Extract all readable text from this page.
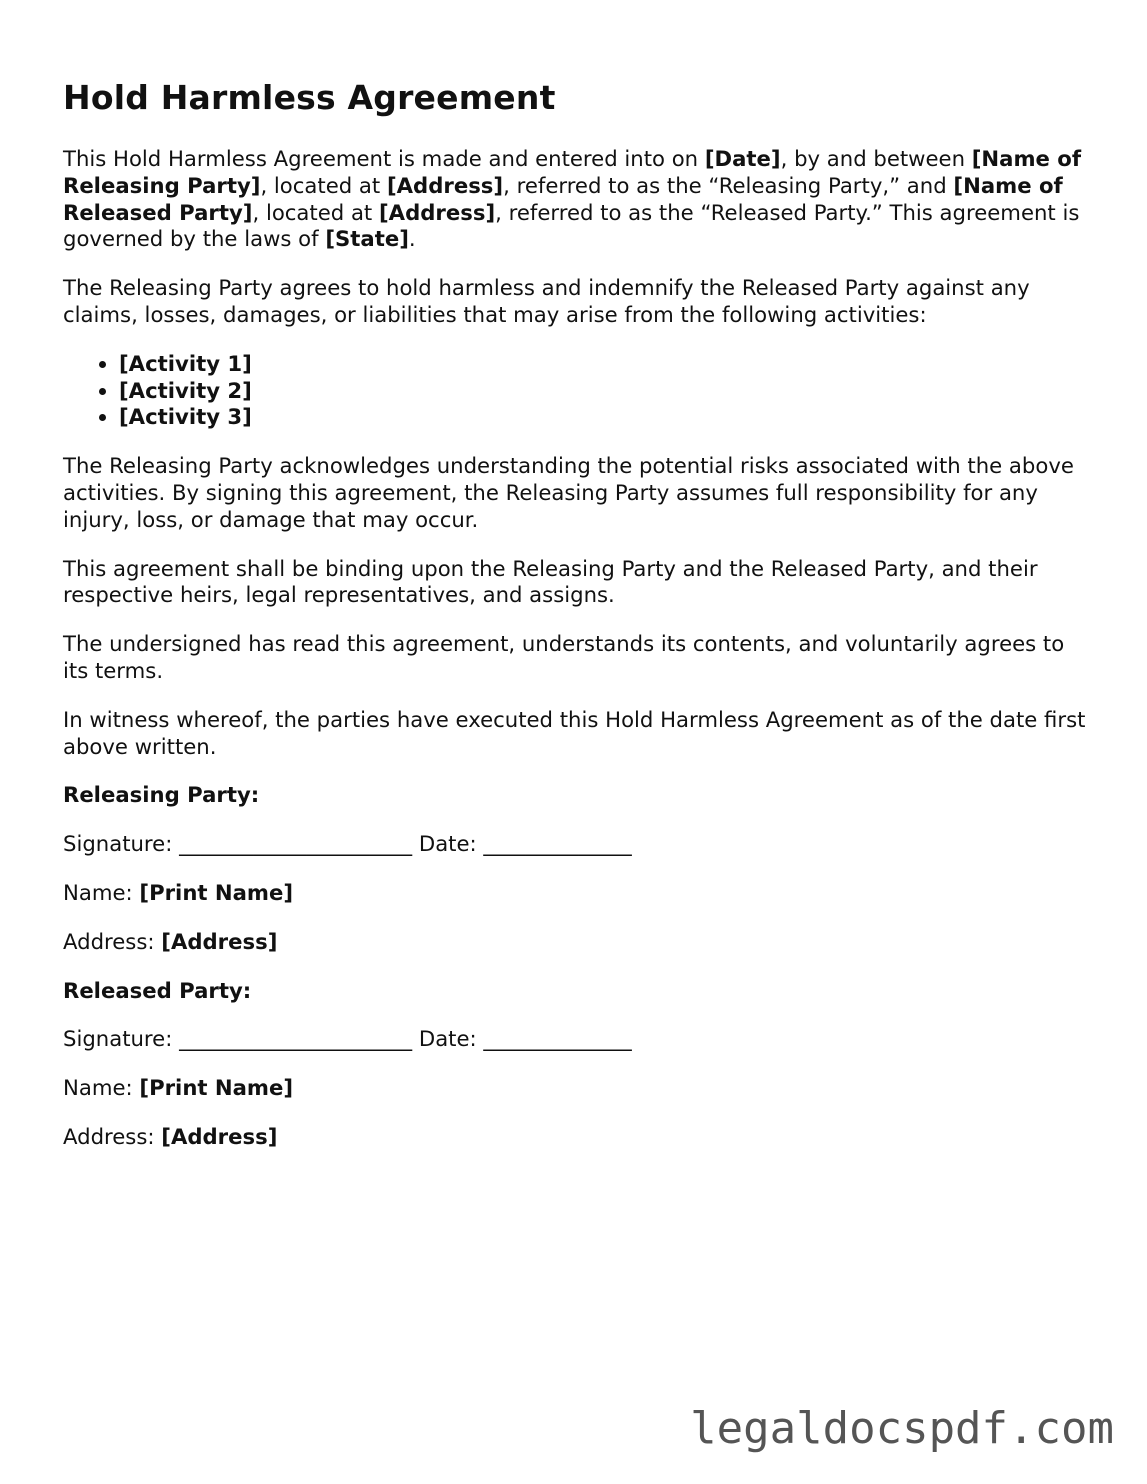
Hold Harmless Agreement

This Hold Harmless Agreement is made and entered into on [Date], by and between [Name of Releasing Party], located at [Address], referred to as the “Releasing Party,” and [Name of Released Party], located at [Address], referred to as the “Released Party.” This agreement is governed by the laws of [State].

The Releasing Party agrees to hold harmless and indemnify the Released Party against any claims, losses, damages, or liabilities that may arise from the following activities:

• [Activity 1]
• [Activity 2]
• [Activity 3]

The Releasing Party acknowledges understanding the potential risks associated with the above activities. By signing this agreement, the Releasing Party assumes full responsibility for any injury, loss, or damage that may occur.

This agreement shall be binding upon the Releasing Party and the Released Party, and their respective heirs, legal representatives, and assigns.

The undersigned has read this agreement, understands its contents, and voluntarily agrees to its terms.

In witness whereof, the parties have executed this Hold Harmless Agreement as of the date first above written.

Releasing Party:

Signature: ______________________ Date: ______________

Name: [Print Name]

Address: [Address]

Released Party:

Signature: ______________________ Date: ______________

Name: [Print Name]

Address: [Address]

legaldocspdf.com
